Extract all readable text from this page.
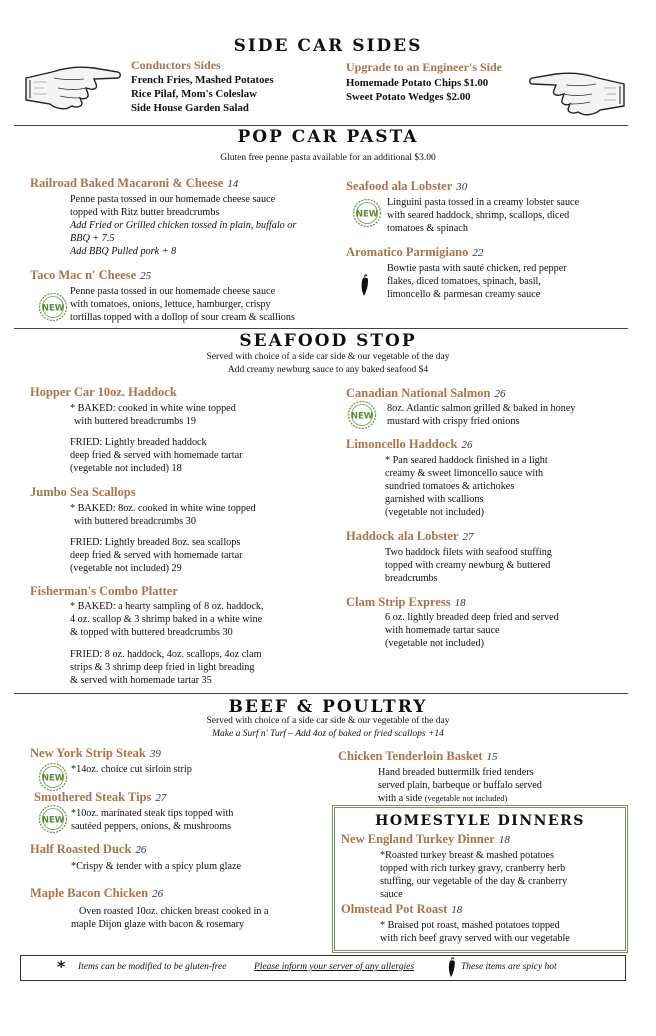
SIDE CAR SIDES
Conductors Sides
French Fries, Mashed Potatoes
Rice Pilaf, Mom's Coleslaw
Side House Garden Salad
Upgrade to an Engineer's Side
Homemade Potato Chips $1.00
Sweet Potato Wedges $2.00
POP CAR PASTA
Gluten free penne pasta available for an additional $3.00
Railroad Baked Macaroni & Cheese 14
Penne pasta tossed in our homemade cheese sauce
topped with Ritz butter breadcrumbs
Add Fried or Grilled chicken tossed in plain, buffalo or
BBQ + 7.5
Add BBQ Pulled pork + 8
Taco Mac n' Cheese 25
Penne pasta tossed in our homemade cheese sauce
with tomatoes, onions, lettuce, hamburger, crispy
tortillas topped with a dollop of sour cream & scallions
Seafood ala Lobster 30
Linguini pasta tossed in a creamy lobster sauce
with seared haddock, shrimp, scallops, diced
tomatoes & spinach
Aromatico Parmigiano 22
Bowtie pasta with sauté chicken, red pepper
flakes, diced tomatoes, spinach, basil,
limoncello & parmesan creamy sauce
SEAFOOD STOP
Served with choice of a side car side & our vegetable of the day
Add creamy newburg sauce to any baked seafood $4
Hopper Car 10oz. Haddock
* BAKED: cooked in white wine topped
with buttered breadcrumbs 19
FRIED: Lightly breaded haddock
deep fried & served with homemade tartar
(vegetable not included) 18
Jumbo Sea Scallops
* BAKED: 8oz. cooked in white wine topped
with buttered breadcrumbs 30
FRIED: Lightly breaded 8oz. sea scallops
deep fried & served with homemade tartar
(vegetable not included) 29
Fisherman's Combo Platter
* BAKED: a hearty sampling of 8 oz. haddock,
4 oz. scallop & 3 shrimp baked in a white wine
& topped with buttered breadcrumbs 30
FRIED: 8 oz. haddock, 4oz. scallops, 4oz clam
strips & 3 shrimp deep fried in light breading
& served with homemade tartar 35
Canadian National Salmon 26
8oz. Atlantic salmon grilled & baked in honey
mustard with crispy fried onions
Limoncello Haddock 26
* Pan seared haddock finished in a light
creamy & sweet limoncello sauce with
sundried tomatoes & artichokes
garnished with scallions
(vegetable not included)
Haddock ala Lobster 27
Two haddock filets with seafood stuffing
topped with creamy newburg & buttered
breadcrumbs
Clam Strip Express 18
6 oz. lightly breaded deep fried and served
with homemade tartar sauce
(vegetable not included)
BEEF & POULTRY
Served with choice of a side car side & our vegetable of the day
Make a Surf n' Turf – Add 4oz of baked or fried scallops +14
New York Strip Steak 39
*14oz. choice cut sirloin strip
Smothered Steak Tips 27
*10oz. marinated steak tips topped with
sautéed peppers, onions, & mushrooms
Half Roasted Duck 26
*Crispy & tender with a spicy plum glaze
Maple Bacon Chicken 26
Oven roasted 10oz. chicken breast cooked in a
maple Dijon glaze with bacon & rosemary
Chicken Tenderloin Basket 15
Hand breaded buttermilk fried tenders
served plain, barbeque or buffalo served
with a side (vegetable not included)
HOMESTYLE DINNERS
New England Turkey Dinner 18
*Roasted turkey breast & mashed potatoes
topped with rich turkey gravy, cranberry herb
stuffing, our vegetable of the day & cranberry
sauce
Olmstead Pot Roast 18
* Braised pot roast, mashed potatoes topped
with rich beef gravy served with our vegetable
* Items can be modified to be gluten-free	Please inform your server of any allergies	These items are spicy hot
